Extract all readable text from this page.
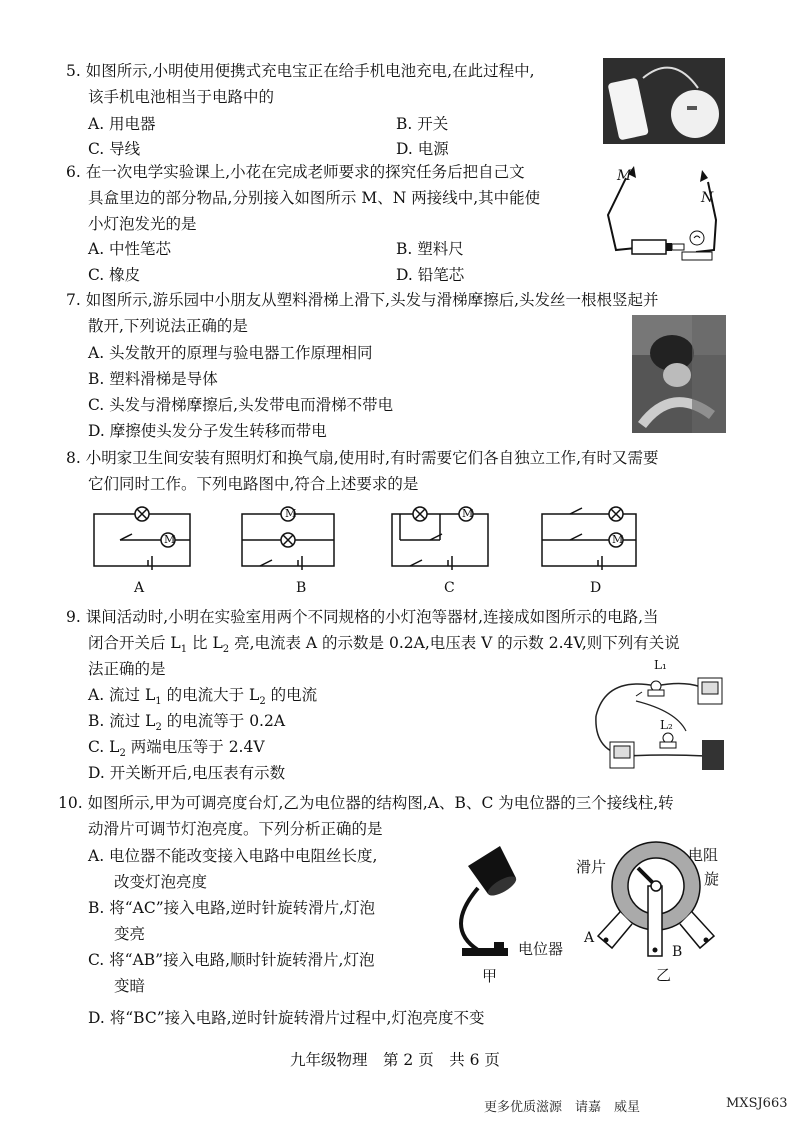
5. 如图所示,小明使用便携式充电宝正在给手机电池充电,在此过程中,
该手机电池相当于电路中的
A. 用电器	B. 开关
C. 导线	D. 电源
6. 在一次电学实验课上,小花在完成老师要求的探究任务后把自己文
具盒里边的部分物品,分别接入如图所示 M、N 两接线中,其中能使
小灯泡发光的是
A. 中性笔芯	B. 塑料尺
C. 橡皮	D. 铅笔芯
M
N
7. 如图所示,游乐园中小朋友从塑料滑梯上滑下,头发与滑梯摩擦后,头发丝一根根竖起并
散开,下列说法正确的是
A. 头发散开的原理与验电器工作原理相同
B. 塑料滑梯是导体
C. 头发与滑梯摩擦后,头发带电而滑梯不带电
D. 摩擦使头发分子发生转移而带电
8. 小明家卫生间安装有照明灯和换气扇,使用时,有时需要它们各自独立工作,有时又需要
它们同时工作。下列电路图中,符合上述要求的是
M
M	M
M
A	B	C	D
9. 课间活动时,小明在实验室用两个不同规格的小灯泡等器材,连接成如图所示的电路,当
闭合开关后 $L_1$ 比 $L_2$ 亮,电流表 A 的示数是 0.2A,电压表 V 的示数 2.4V,则下列有关说
法正确的是
A. 流过 $L_1$ 的电流大于 $L_2$ 的电流
B. 流过 $L_2$ 的电流等于 0.2A
C. $L_2$ 两端电压等于 2.4V
D. 开关断开后,电压表有示数
L₁
L₂
10. 如图所示,甲为可调亮度台灯,乙为电位器的结构图,A、B、C 为电位器的三个接线柱,转
动滑片可调节灯泡亮度。下列分析正确的是
A. 电位器不能改变接入电路中电阻丝长度,
改变灯泡亮度
B. 将“AC”接入电路,逆时针旋转滑片,灯泡
变亮
C. 将“AB”接入电路,顺时针旋转滑片,灯泡
变暗
D. 将“BC”接入电路,逆时针旋转滑片过程中,灯泡亮度不变
电位器
甲
滑片
电阻
旋
A
B
乙
九年级物理　第 2 页　共 6 页
更多优质滋源　请嘉　威星	MXSJ663
